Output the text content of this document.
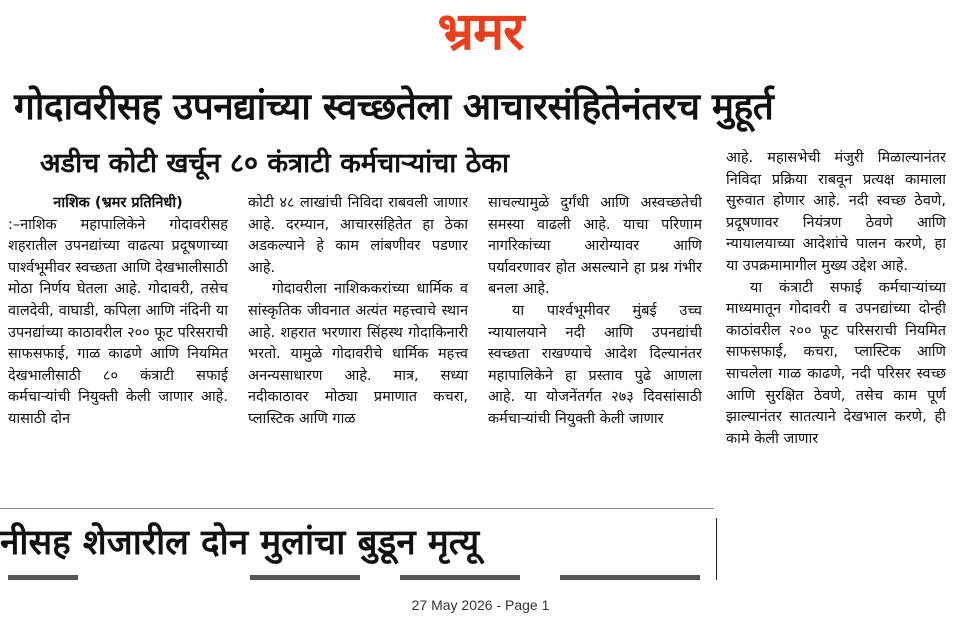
भ्रमर
गोदावरीसह उपनद्यांच्या स्वच्छतेला आचारसंहितेनंतरच मुहूर्त
अडीच कोटी खर्चून ८० कंत्राटी कर्मचाऱ्यांचा ठेका

नाशिक (भ्रमर प्रतिनिधी)

:–नाशिक महापालिकेने गोदावरीसह शहरातील उपनद्यांच्या वाढत्या प्रदूषणाच्या पार्श्वभूमीवर स्वच्छता आणि देखभालीसाठी मोठा निर्णय घेतला आहे. गोदावरी, तसेच वालदेवी, वाघाडी, कपिला आणि नंदिनी या उपनद्यांच्या काठावरील २०० फूट परिसराची साफसफाई, गाळ काढणे आणि नियमित देखभालीसाठी ८० कंत्राटी सफाई कर्मचाऱ्यांची नियुक्ती केली जाणार आहे. यासाठी दोन

कोटी ४८ लाखांची निविदा राबवली जाणार आहे. दरम्यान, आचारसंहितेत हा ठेका अडकल्याने हे काम लांबणीवर पडणार आहे.

गोदावरीला नाशिककरांच्या धार्मिक व सांस्कृतिक जीवनात अत्यंत महत्त्वाचे स्थान आहे. शहरात भरणारा सिंहस्थ गोदाकिनारी भरतो. यामुळे गोदावरीचे धार्मिक महत्त्व अनन्यसाधारण आहे. मात्र, सध्या नदीकाठावर मोठ्या प्रमाणात कचरा, प्लास्टिक आणि गाळ

साचल्यामुळे दुर्गंधी आणि अस्वच्छतेची समस्या वाढली आहे. याचा परिणाम नागरिकांच्या आरोग्यावर आणि पर्यावरणावर होत असल्याने हा प्रश्न गंभीर बनला आहे.

या पार्श्वभूमीवर मुंबई उच्च न्यायालयाने नदी आणि उपनद्यांची स्वच्छता राखण्याचे आदेश दिल्यानंतर महापालिकेने हा प्रस्ताव पुढे आणला आहे. या योजनेंतर्गत २७३ दिवसांसाठी कर्मचाऱ्यांची नियुक्ती केली जाणार

आहे. महासभेची मंजुरी मिळाल्यानंतर निविदा प्रक्रिया राबवून प्रत्यक्ष कामाला सुरुवात होणार आहे. नदी स्वच्छ ठेवणे, प्रदूषणावर नियंत्रण ठेवणे आणि न्यायालयाच्या आदेशांचे पालन करणे, हा या उपक्रमामागील मुख्य उद्देश आहे.

या कंत्राटी सफाई कर्मचाऱ्यांच्या माध्यमातून गोदावरी व उपनद्यांच्या दोन्ही काठांवरील २०० फूट परिसराची नियमित साफसफाई, कचरा, प्लास्टिक आणि साचलेला गाळ काढणे, नदी परिसर स्वच्छ आणि सुरक्षित ठेवणे, तसेच काम पूर्ण झाल्यानंतर सातत्याने देखभाल करणे, ही कामे केली जाणार

नीसह शेजारील दोन मुलांचा बुडून मृत्यू
27 May 2026 - Page 1
